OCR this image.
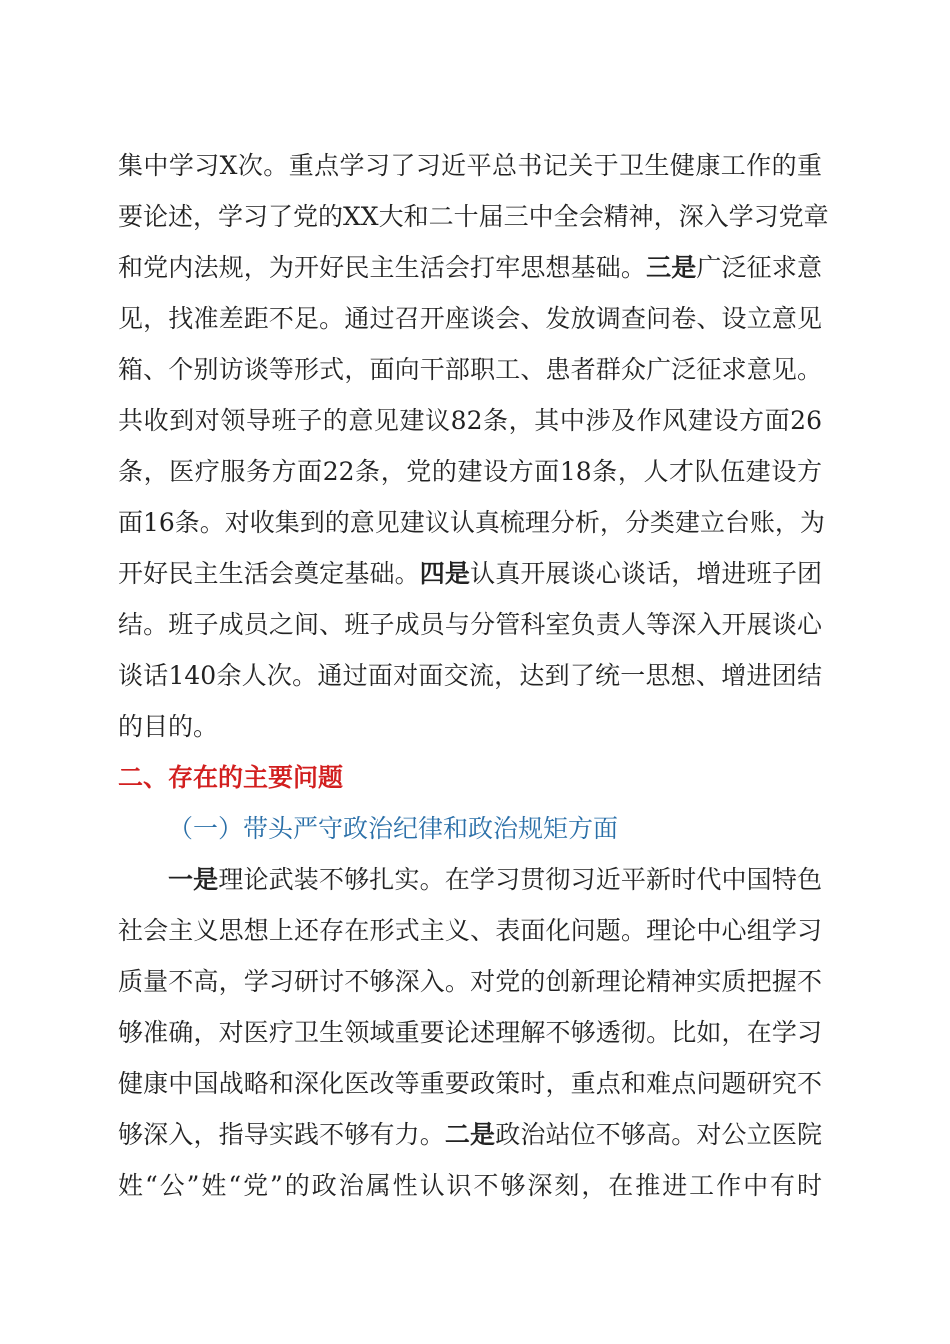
集中学习X次。重点学习了习近平总书记关于卫生健康工作的重
要论述，学习了党的XX大和二十届三中全会精神，深入学习党章
和党内法规，为开好民主生活会打牢思想基础。三是广泛征求意
见，找准差距不足。通过召开座谈会、发放调查问卷、设立意见
箱、个别访谈等形式，面向干部职工、患者群众广泛征求意见。
共收到对领导班子的意见建议82条，其中涉及作风建设方面26
条，医疗服务方面22条，党的建设方面18条，人才队伍建设方
面16条。对收集到的意见建议认真梳理分析，分类建立台账，为
开好民主生活会奠定基础。四是认真开展谈心谈话，增进班子团
结。班子成员之间、班子成员与分管科室负责人等深入开展谈心
谈话140余人次。通过面对面交流，达到了统一思想、增进团结
的目的。
二、存在的主要问题
（一）带头严守政治纪律和政治规矩方面
一是理论武装不够扎实。在学习贯彻习近平新时代中国特色
社会主义思想上还存在形式主义、表面化问题。理论中心组学习
质量不高，学习研讨不够深入。对党的创新理论精神实质把握不
够准确，对医疗卫生领域重要论述理解不够透彻。比如，在学习
健康中国战略和深化医改等重要政策时，重点和难点问题研究不
够深入，指导实践不够有力。二是政治站位不够高。对公立医院
姓“公”姓“党”的政治属性认识不够深刻，在推进工作中有时
